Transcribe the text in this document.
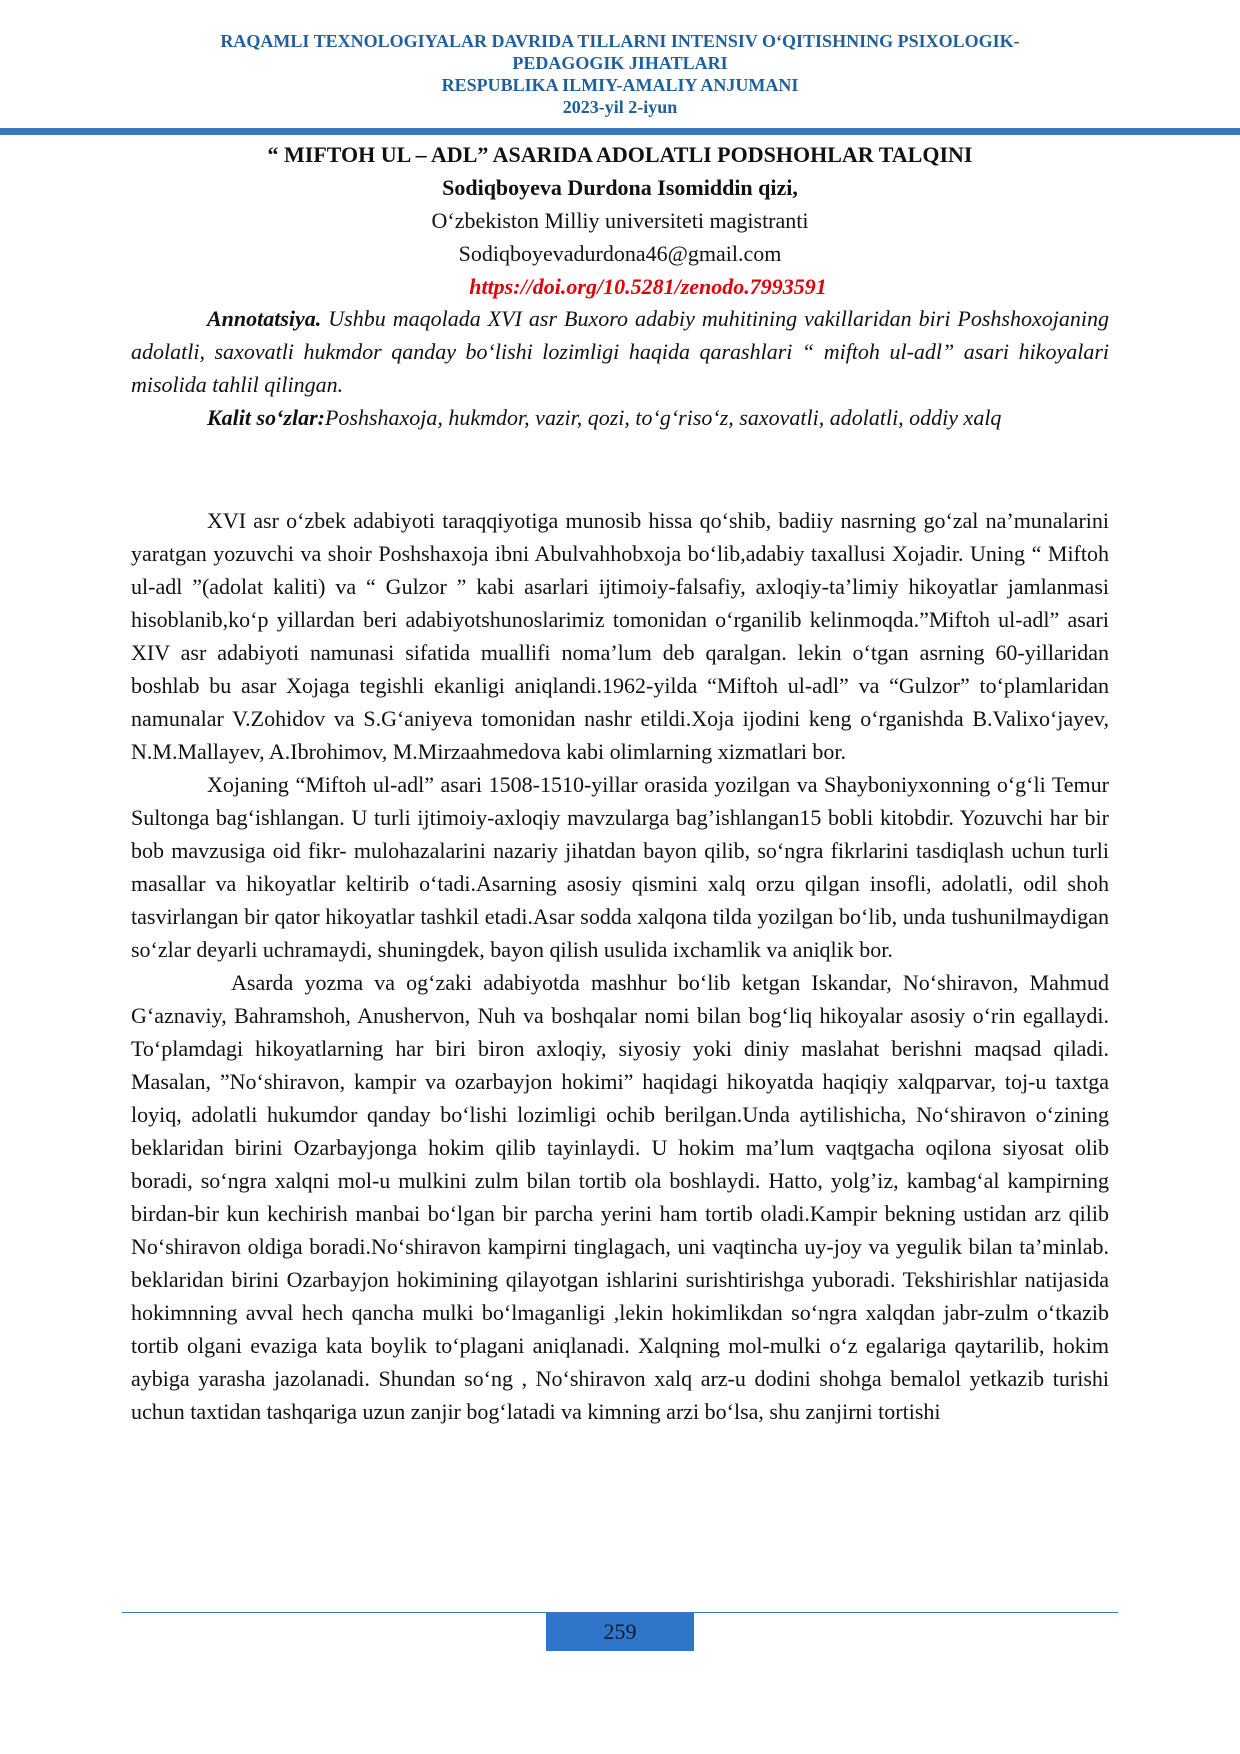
RAQAMLI TEXNOLOGIYALAR DAVRIDA TILLARNI INTENSIV O‘QITISHNING PSIXOLOGIK-
PEDAGOGIK JIHATLARI
RESPUBLIKA ILMIY-AMALIY ANJUMANI
2023-yil 2-iyun
“ MIFTOH UL – ADL” ASARIDA ADOLATLI PODSHOHLAR TALQINI
Sodiqboyeva Durdona Isomiddin qizi,
O‘zbekiston Milliy universiteti magistranti
Sodiqboyevadurdona46@gmail.com
https://doi.org/10.5281/zenodo.7993591

Annotatsiya. Ushbu maqolada XVI asr Buxoro adabiy muhitining vakillaridan biri Poshshoxojaning adolatli, saxovatli hukmdor qanday bo‘lishi lozimligi haqida qarashlari “ miftoh ul-adl” asari hikoyalari misolida tahlil qilingan.

Kalit so‘zlar:Poshshaxoja, hukmdor, vazir, qozi, to‘g‘riso‘z, saxovatli, adolatli, oddiy xalq

XVI asr o‘zbek adabiyoti taraqqiyotiga munosib hissa qo‘shib, badiiy nasrning go‘zal na’munalarini yaratgan yozuvchi va shoir Poshshaxoja ibni Abulvahhobxoja bo‘lib,adabiy taxallusi Xojadir. Uning “ Miftoh ul-adl ”(adolat kaliti) va “ Gulzor ” kabi asarlari ijtimoiy-falsafiy, axloqiy-ta’limiy hikoyatlar jamlanmasi hisoblanib,ko‘p yillardan beri adabiyotshunoslarimiz tomonidan o‘rganilib kelinmoqda.”Miftoh ul-adl” asari XIV asr adabiyoti namunasi sifatida muallifi noma’lum deb qaralgan. lekin o‘tgan asrning 60-yillaridan boshlab bu asar Xojaga tegishli ekanligi aniqlandi.1962-yilda “Miftoh ul-adl” va “Gulzor” to‘plamlaridan namunalar V.Zohidov va S.G‘aniyeva tomonidan nashr etildi.Xoja ijodini keng o‘rganishda B.Valixo‘jayev, N.M.Mallayev, A.Ibrohimov, M.Mirzaahmedova kabi olimlarning xizmatlari bor.

Xojaning “Miftoh ul-adl” asari 1508-1510-yillar orasida yozilgan va Shayboniyxonning o‘g‘li Temur Sultonga bag‘ishlangan. U turli ijtimoiy-axloqiy mavzularga bag’ishlangan15 bobli kitobdir. Yozuvchi har bir bob mavzusiga oid fikr- mulohazalarini nazariy jihatdan bayon qilib, so‘ngra fikrlarini tasdiqlash uchun turli masallar va hikoyatlar keltirib o‘tadi.Asarning asosiy qismini xalq orzu qilgan insofli, adolatli, odil shoh tasvirlangan bir qator hikoyatlar tashkil etadi.Asar sodda xalqona tilda yozilgan bo‘lib, unda tushunilmaydigan so‘zlar deyarli uchramaydi, shuningdek, bayon qilish usulida ixchamlik va aniqlik bor.

Asarda yozma va og‘zaki adabiyotda mashhur bo‘lib ketgan Iskandar, No‘shiravon, Mahmud G‘aznaviy, Bahramshoh, Anushervon, Nuh va boshqalar nomi bilan bog‘liq hikoyalar asosiy o‘rin egallaydi. To‘plamdagi hikoyatlarning har biri biron axloqiy, siyosiy yoki diniy maslahat berishni maqsad qiladi. Masalan, ”No‘shiravon, kampir va ozarbayjon hokimi” haqidagi hikoyatda haqiqiy xalqparvar, toj-u taxtga loyiq, adolatli hukumdor qanday bo‘lishi lozimligi ochib berilgan.Unda aytilishicha, No‘shiravon o‘zining beklaridan birini Ozarbayjonga hokim qilib tayinlaydi. U hokim ma’lum vaqtgacha oqilona siyosat olib boradi, so‘ngra xalqni mol-u mulkini zulm bilan tortib ola boshlaydi. Hatto, yolg’iz, kambag‘al kampirning birdan-bir kun kechirish manbai bo‘lgan bir parcha yerini ham tortib oladi.Kampir bekning ustidan arz qilib No‘shiravon oldiga boradi.No‘shiravon kampirni tinglagach, uni vaqtincha uy-joy va yegulik bilan ta’minlab. beklaridan birini Ozarbayjon hokimining qilayotgan ishlarini surishtirishga yuboradi. Tekshirishlar natijasida hokimnning avval hech qancha mulki bo‘lmaganligi ,lekin hokimlikdan so‘ngra xalqdan jabr-zulm o‘tkazib tortib olgani evaziga kata boylik to‘plagani aniqlanadi. Xalqning mol-mulki o‘z egalariga qaytarilib, hokim aybiga yarasha jazolanadi. Shundan so‘ng , No‘shiravon xalq arz-u dodini shohga bemalol yetkazib turishi uchun taxtidan tashqariga uzun zanjir bog‘latadi va kimning arzi bo‘lsa, shu zanjirni tortishi

259
